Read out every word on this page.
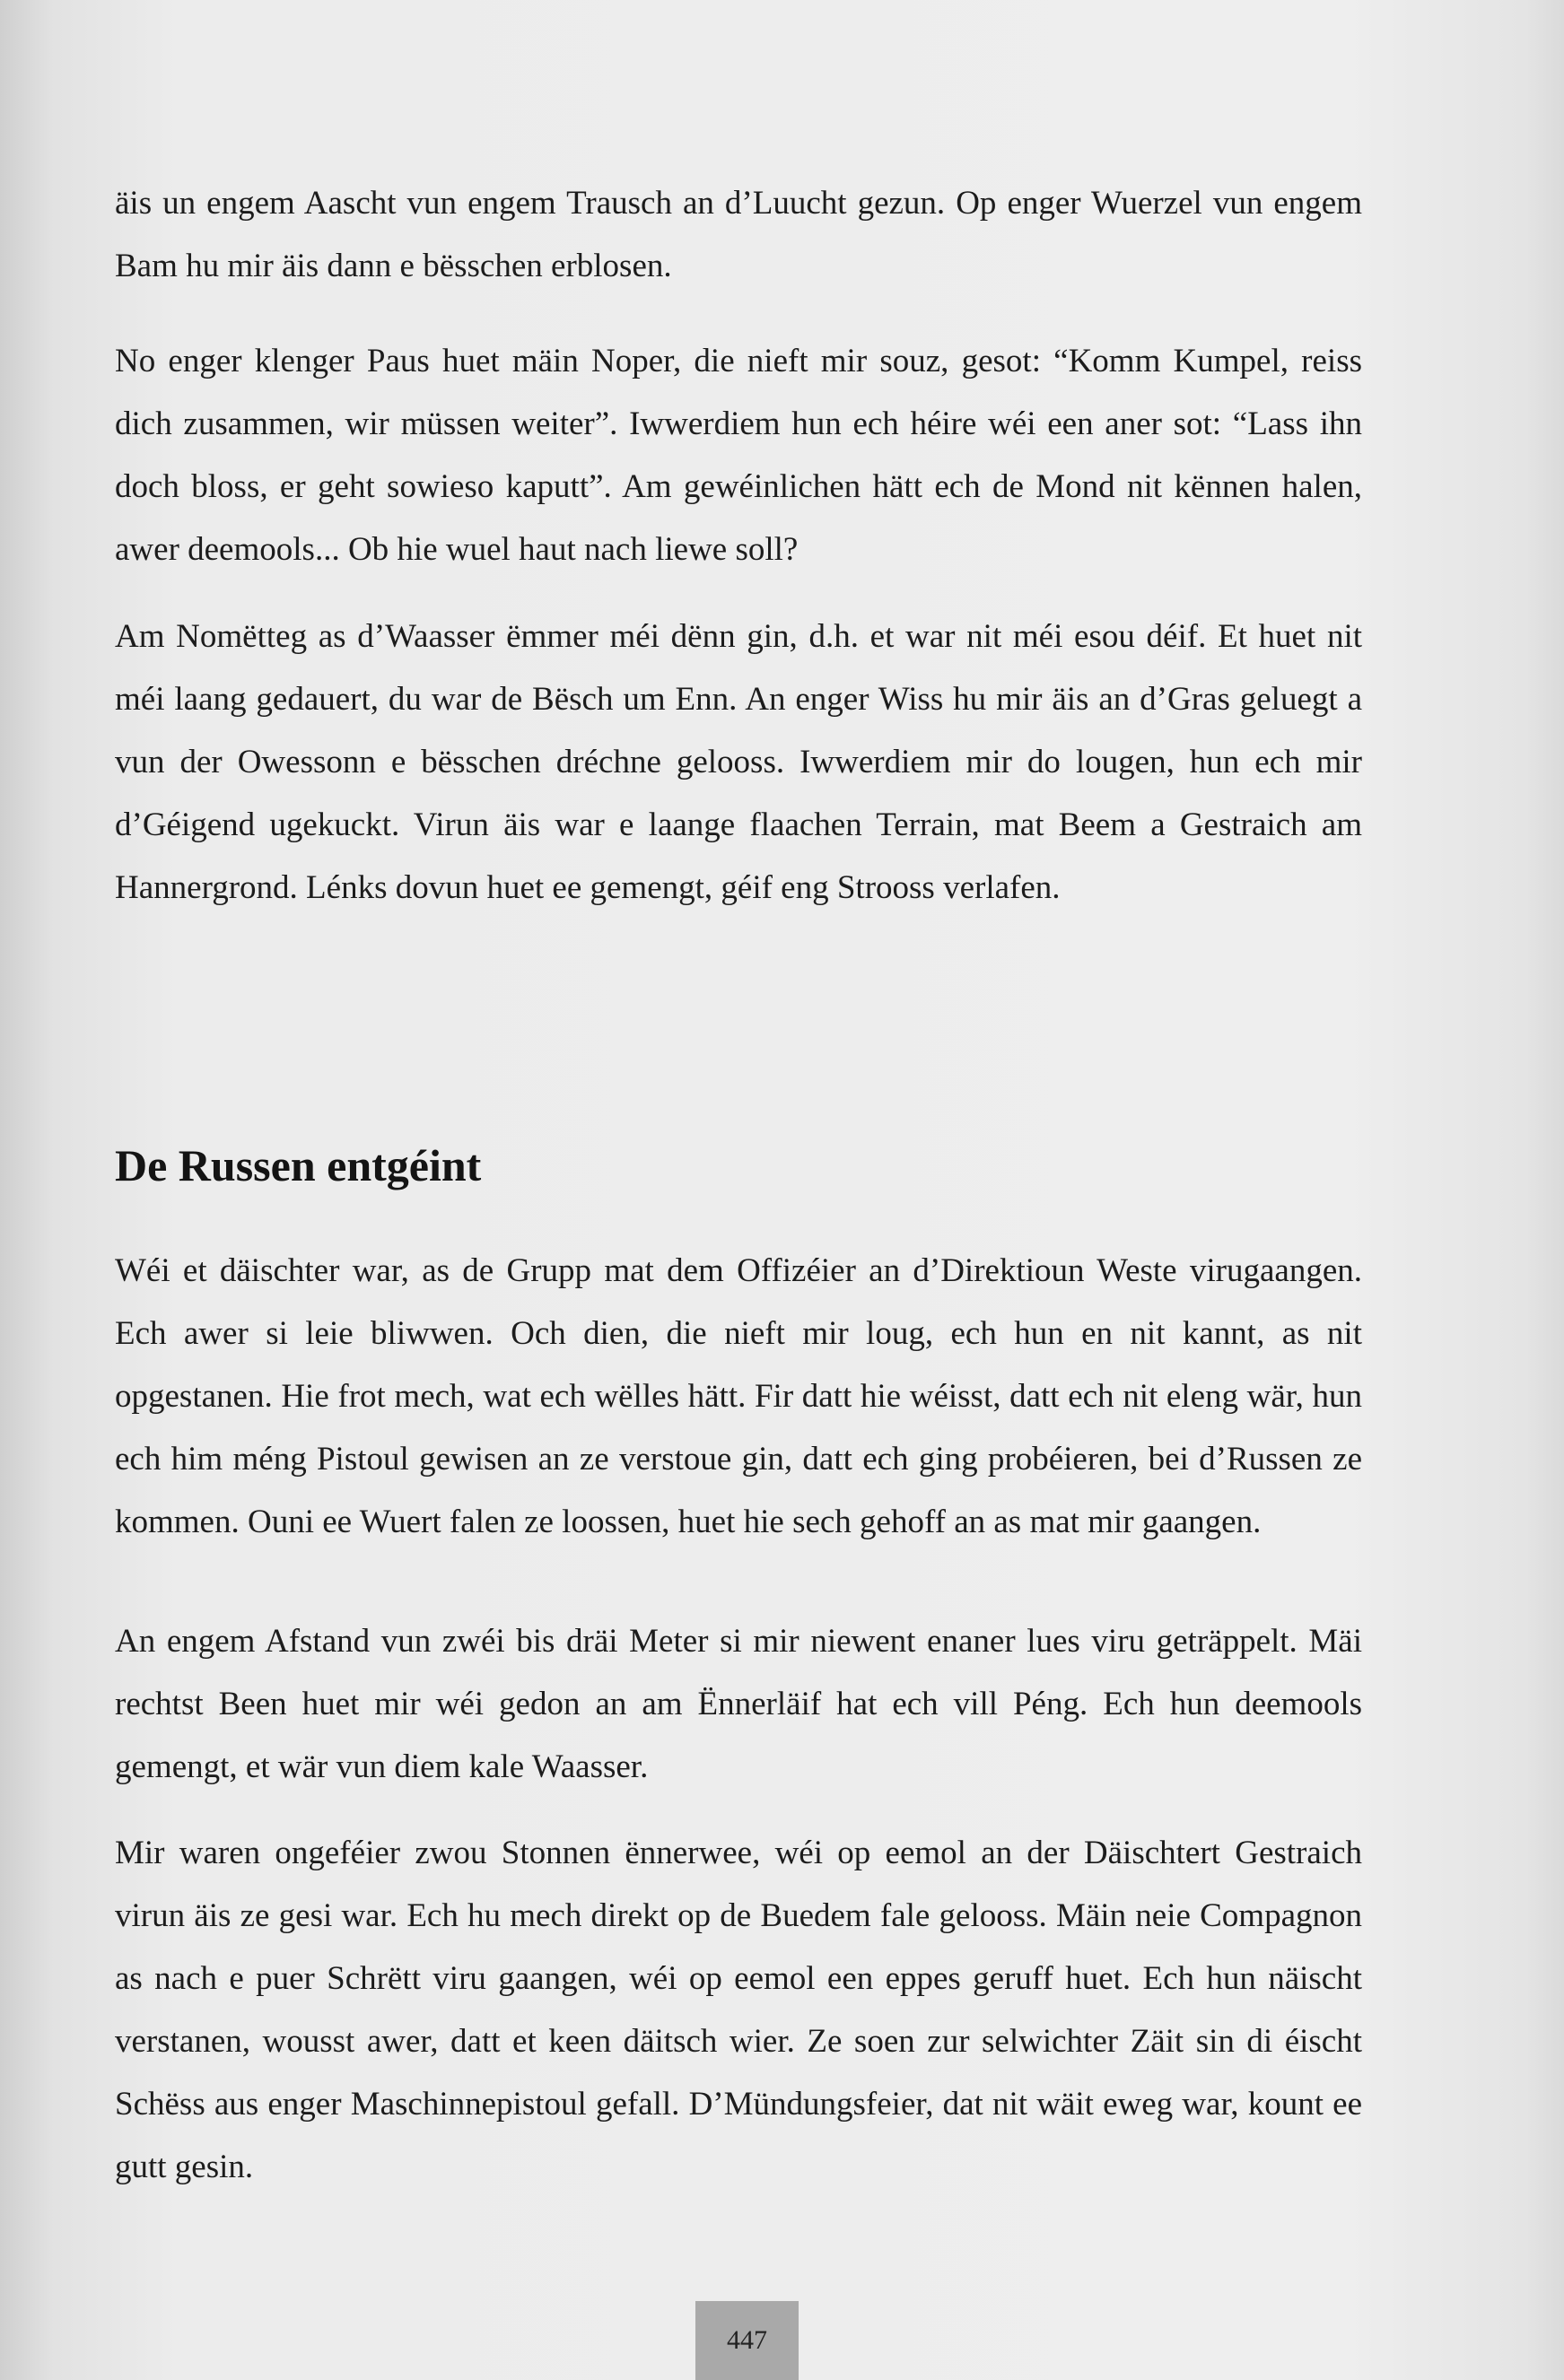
äis un engem Aascht vun engem Trausch an d’Luucht gezun. Op enger Wuerzel vun engem Bam hu mir äis dann e bësschen erblosen.

No enger klenger Paus huet mäin Noper, die nieft mir souz, gesot: “Komm Kumpel, reiss dich zusammen, wir müssen weiter”. Iwwerdiem hun ech héire wéi een aner sot: “Lass ihn doch bloss, er geht sowieso kaputt”. Am gewéinlichen hätt ech de Mond nit kënnen halen, awer deemools... Ob hie wuel haut nach liewe soll?

Am Nomëtteg as d’Waasser ëmmer méi dënn gin, d.h. et war nit méi esou déif. Et huet nit méi laang gedauert, du war de Bësch um Enn. An enger Wiss hu mir äis an d’Gras geluegt a vun der Owessonn e bësschen dréchne gelooss. Iwwerdiem mir do lougen, hun ech mir d’Géigend ugekuckt. Virun äis war e laange flaachen Terrain, mat Beem a Gestraich am Hannergrond. Lénks dovun huet ee gemengt, géif eng Strooss verlafen.

De Russen entgéint

Wéi et däischter war, as de Grupp mat dem Offizéier an d’Direktioun Weste virugaangen. Ech awer si leie bliwwen. Och dien, die nieft mir loug, ech hun en nit kannt, as nit opgestanen. Hie frot mech, wat ech wëlles hätt. Fir datt hie wéisst, datt ech nit eleng wär, hun ech him méng Pistoul gewisen an ze verstoue gin, datt ech ging probéieren, bei d’Russen ze kommen. Ouni ee Wuert falen ze loossen, huet hie sech gehoff an as mat mir gaangen.

An engem Afstand vun zwéi bis dräi Meter si mir niewent enaner lues viru geträppelt. Mäi rechtst Been huet mir wéi gedon an am Ënnerläif hat ech vill Péng. Ech hun deemools gemengt, et wär vun diem kale Waasser.

Mir waren ongeféier zwou Stonnen ënnerwee, wéi op eemol an der Däischtert Gestraich virun äis ze gesi war. Ech hu mech direkt op de Buedem fale gelooss. Mäin neie Compagnon as nach e puer Schrëtt viru gaangen, wéi op eemol een eppes geruff huet. Ech hun näischt verstanen, wousst awer, datt et keen däitsch wier. Ze soen zur selwichter Zäit sin di éischt Schëss aus enger Maschinnepistoul gefall. D’Mündungsfeier, dat nit wäit eweg war, kount ee gutt gesin.

447
